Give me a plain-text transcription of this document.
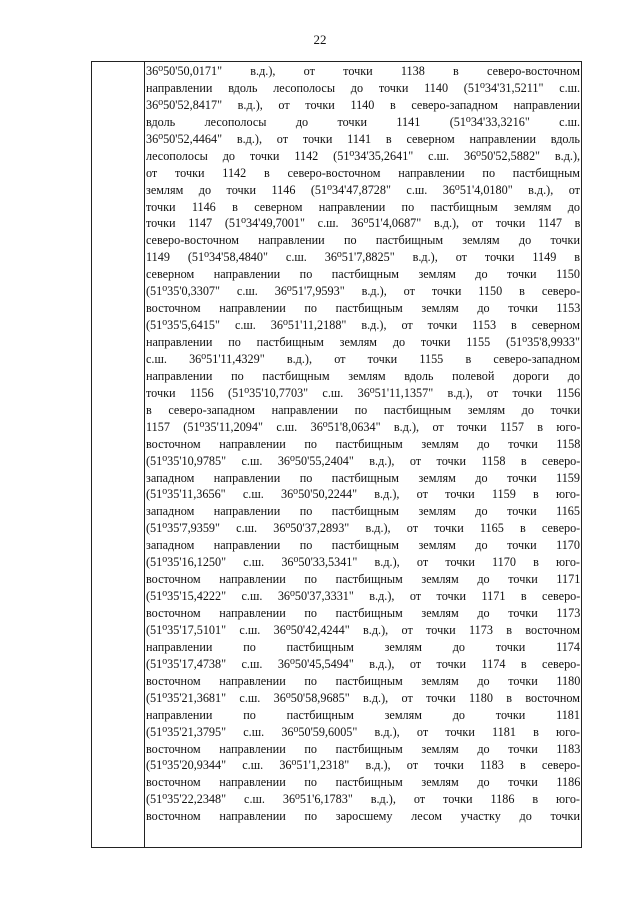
22
36⁰50'50,0171" в.д.), от точки 1138 в северо-восточном
направлении вдоль лесополосы до точки 1140 (51⁰34'31,5211" с.ш.
36⁰50'52,8417" в.д.), от точки 1140 в северо-западном направлении
вдоль лесополосы до точки 1141 (51⁰34'33,3216" с.ш.
36⁰50'52,4464" в.д.), от точки 1141 в северном направлении вдоль
лесополосы до точки 1142 (51⁰34'35,2641" с.ш. 36⁰50'52,5882" в.д.),
от точки 1142 в северо-восточном направлении по пастбищным
землям до точки 1146 (51⁰34'47,8728" с.ш. 36⁰51'4,0180" в.д.), от
точки 1146 в северном направлении по пастбищным землям до
точки 1147 (51⁰34'49,7001" с.ш. 36⁰51'4,0687" в.д.), от точки 1147 в
северо-восточном направлении по пастбищным землям до точки
1149 (51⁰34'58,4840" с.ш. 36⁰51'7,8825" в.д.), от точки 1149 в
северном направлении по пастбищным землям до точки 1150
(51⁰35'0,3307" с.ш. 36⁰51'7,9593" в.д.), от точки 1150 в северо-
восточном направлении по пастбищным землям до точки 1153
(51⁰35'5,6415" с.ш. 36⁰51'11,2188" в.д.), от точки 1153 в северном
направлении по пастбищным землям до точки 1155 (51⁰35'8,9933"
с.ш. 36⁰51'11,4329" в.д.), от точки 1155 в северо-западном
направлении по пастбищным землям вдоль полевой дороги до
точки 1156 (51⁰35'10,7703" с.ш. 36⁰51'11,1357" в.д.), от точки 1156
в северо-западном направлении по пастбищным землям до точки
1157 (51⁰35'11,2094" с.ш. 36⁰51'8,0634" в.д.), от точки 1157 в юго-
восточном направлении по пастбищным землям до точки 1158
(51⁰35'10,9785" с.ш. 36⁰50'55,2404" в.д.), от точки 1158 в северо-
западном направлении по пастбищным землям до точки 1159
(51⁰35'11,3656" с.ш. 36⁰50'50,2244" в.д.), от точки 1159 в юго-
западном направлении по пастбищным землям до точки 1165
(51⁰35'7,9359" с.ш. 36⁰50'37,2893" в.д.), от точки 1165 в северо-
западном направлении по пастбищным землям до точки 1170
(51⁰35'16,1250" с.ш. 36⁰50'33,5341" в.д.), от точки 1170 в юго-
восточном направлении по пастбищным землям до точки 1171
(51⁰35'15,4222" с.ш. 36⁰50'37,3331" в.д.), от точки 1171 в северо-
восточном направлении по пастбищным землям до точки 1173
(51⁰35'17,5101" с.ш. 36⁰50'42,4244" в.д.), от точки 1173 в восточном
направлении по пастбищным землям до точки 1174
(51⁰35'17,4738" с.ш. 36⁰50'45,5494" в.д.), от точки 1174 в северо-
восточном направлении по пастбищным землям до точки 1180
(51⁰35'21,3681" с.ш. 36⁰50'58,9685" в.д.), от точки 1180 в восточном
направлении по пастбищным землям до точки 1181
(51⁰35'21,3795" с.ш. 36⁰50'59,6005" в.д.), от точки 1181 в юго-
восточном направлении по пастбищным землям до точки 1183
(51⁰35'20,9344" с.ш. 36⁰51'1,2318" в.д.), от точки 1183 в северо-
восточном направлении по пастбищным землям до точки 1186
(51⁰35'22,2348" с.ш. 36⁰51'6,1783" в.д.), от точки 1186 в юго-
восточном направлении по заросшему лесом участку до точки
